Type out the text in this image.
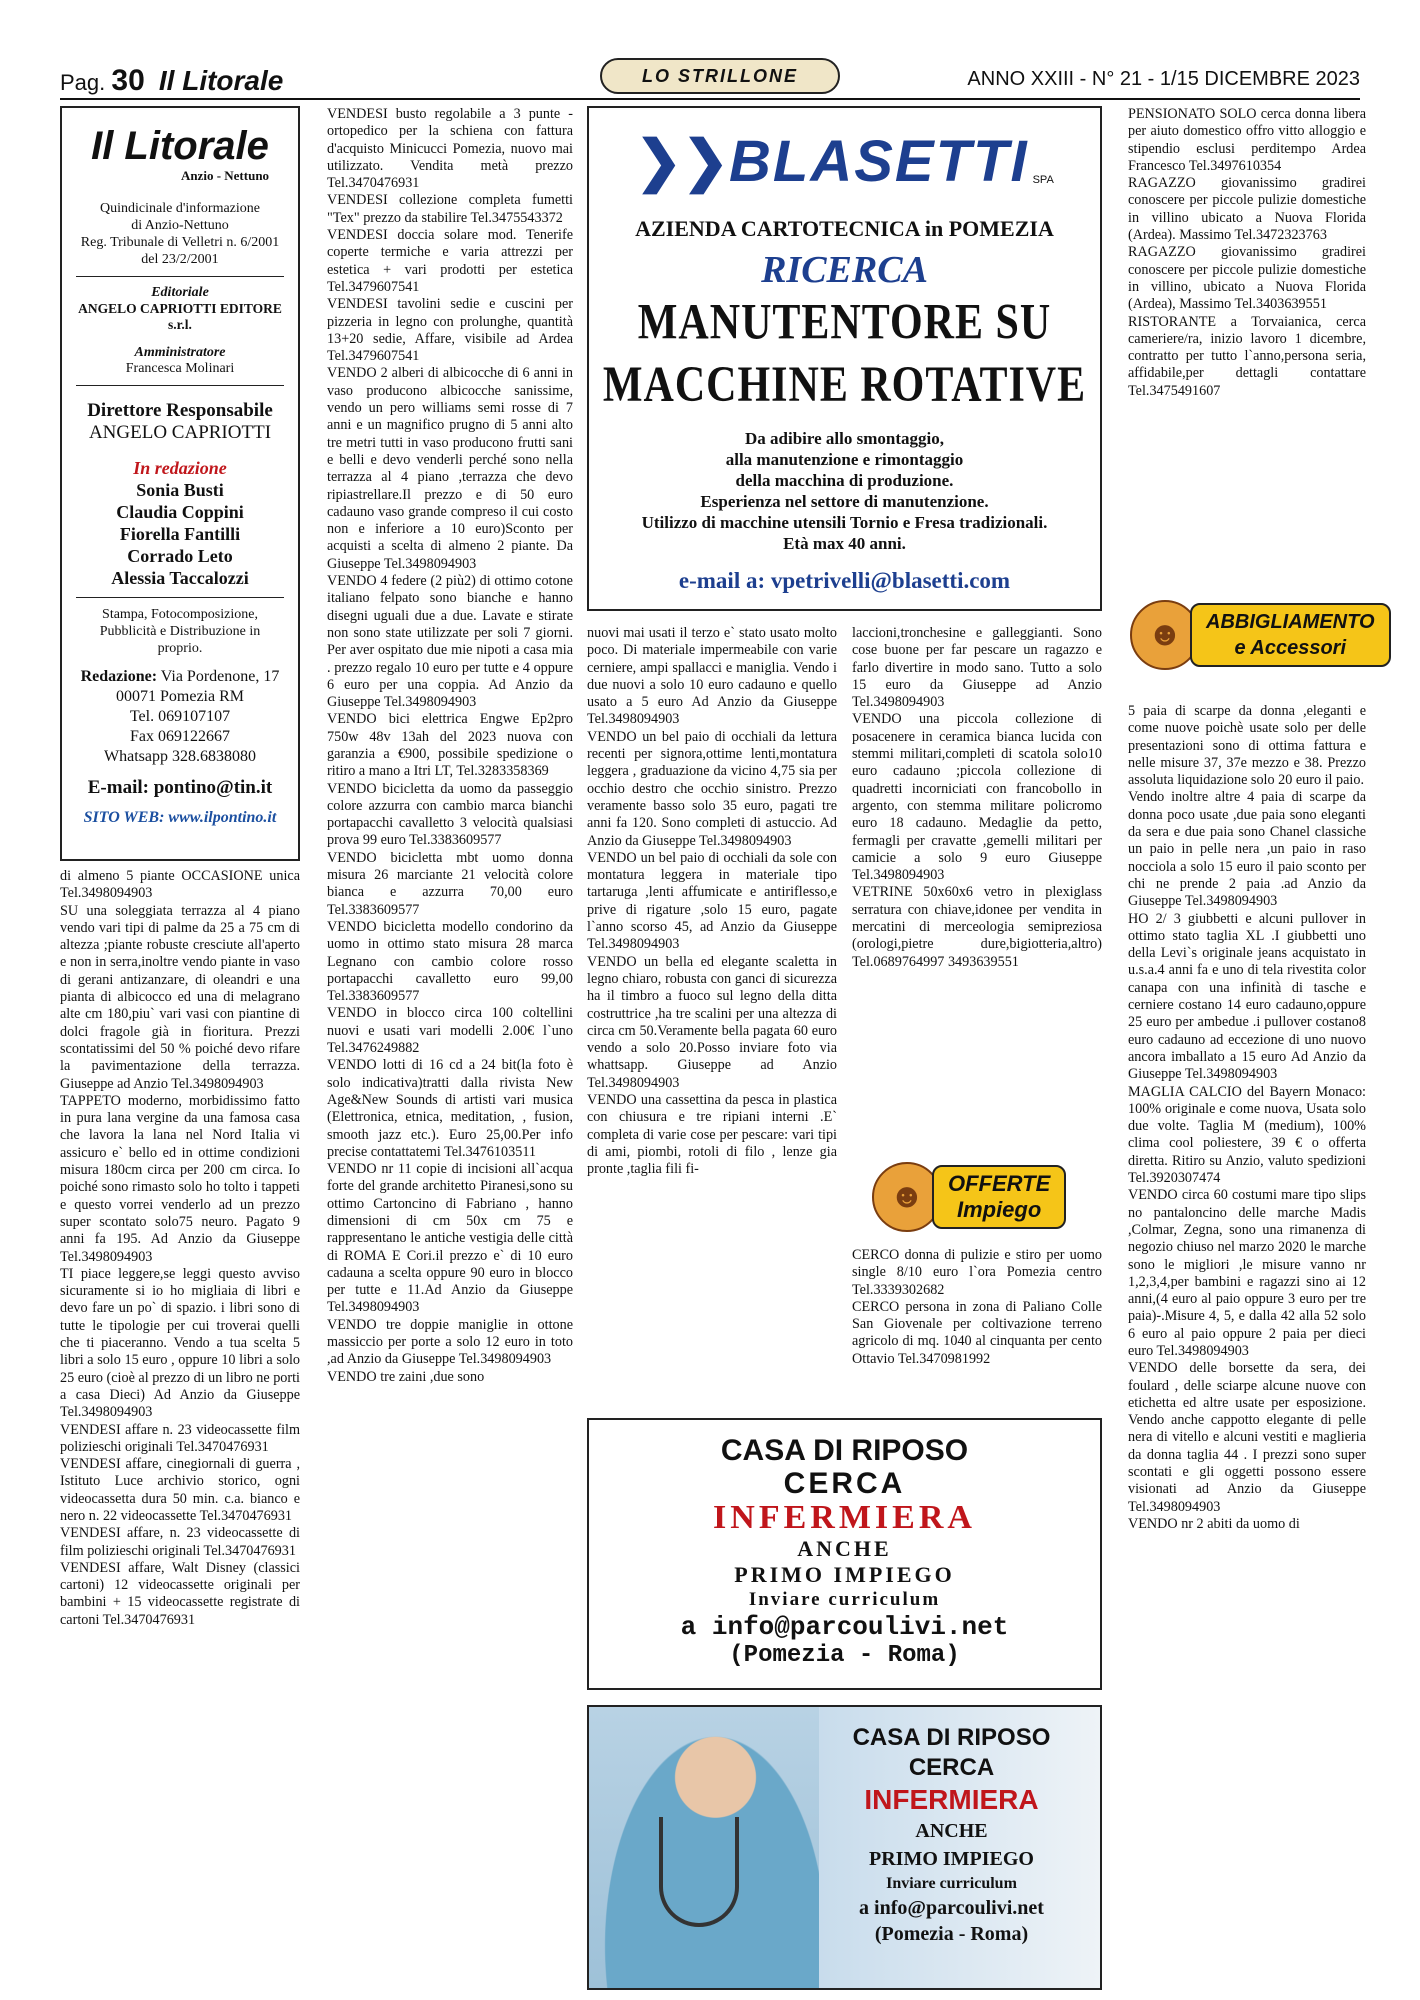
Pag. 30 Il Litorale	LO STRILLONE	ANNO XXIII - N° 21 - 1/15 DICEMBRE 2023
Il Litorale
Anzio - Nettuno
Quindicinale d'informazione
di Anzio-Nettuno
Reg. Tribunale di Velletri n. 6/2001
del 23/2/2001
Editoriale
ANGELO CAPRIOTTI EDITORE s.r.l.
Amministratore
Francesca Molinari
Direttore Responsabile
ANGELO CAPRIOTTI
In redazione
Sonia Busti
Claudia Coppini
Fiorella Fantilli
Corrado Leto
Alessia Taccalozzi
Stampa, Fotocomposizione, Pubblicità e Distribuzione in proprio.
Redazione: Via Pordenone, 17
00071 Pomezia RM
Tel. 069107107
Fax 069122667
Whatsapp 328.6838080
E-mail: pontino@tin.it
SITO WEB: www.ilpontino.it

di almeno 5 piante OCCASIONE unica Tel.3498094903

SU una soleggiata terrazza al 4 piano vendo vari tipi di palme da 25 a 75 cm di altezza ;piante robuste cresciute all'aperto e non in serra,inoltre vendo piante in vaso di gerani antizanzare, di oleandri e una pianta di albicocco ed una di melagrano alte cm 180,piu` vari vasi con piantine di dolci fragole già in fioritura. Prezzi scontatissimi del 50 % poiché devo rifare la pavimentazione della terrazza. Giuseppe ad Anzio Tel.3498094903

TAPPETO moderno, morbidissimo fatto in pura lana vergine da una famosa casa che lavora la lana nel Nord Italia vi assicuro e` bello ed in ottime condizioni misura 180cm circa per 200 cm circa. Io poiché sono rimasto solo ho tolto i tappeti e questo vorrei venderlo ad un prezzo super scontato solo75 neuro. Pagato 9 anni fa 195. Ad Anzio da Giuseppe Tel.3498094903

TI piace leggere,se leggi questo avviso sicuramente si io ho migliaia di libri e devo fare un po` di spazio. i libri sono di tutte le tipologie per cui troverai quelli che ti piaceranno. Vendo a tua scelta 5 libri a solo 15 euro , oppure 10 libri a solo 25 euro (cioè al prezzo di un libro ne porti a casa Dieci) Ad Anzio da Giuseppe Tel.3498094903

VENDESI affare n. 23 videocassette film polizieschi originali Tel.3470476931

VENDESI affare, cinegiornali di guerra , Istituto Luce archivio storico, ogni videocassetta dura 50 min. c.a. bianco e nero n. 22 videocassette Tel.3470476931

VENDESI affare, n. 23 videocassette di film polizieschi originali Tel.3470476931

VENDESI affare, Walt Disney (classici cartoni) 12 videocassette originali per bambini + 15 videocassette registrate di cartoni Tel.3470476931

VENDESI busto regolabile a 3 punte - ortopedico per la schiena con fattura d'acquisto Minicucci Pomezia, nuovo mai utilizzato. Vendita metà prezzo Tel.3470476931

VENDESI collezione completa fumetti "Tex" prezzo da stabilire Tel.3475543372

VENDESI doccia solare mod. Tenerife coperte termiche e varia attrezzi per estetica + vari prodotti per estetica Tel.3479607541

VENDESI tavolini sedie e cuscini per pizzeria in legno con prolunghe, quantità 13+20 sedie, Affare, visibile ad Ardea Tel.3479607541

VENDO 2 alberi di albicocche di 6 anni in vaso producono albicocche sanissime, vendo un pero williams semi rosse di 7 anni e un magnifico prugno di 5 anni alto tre metri tutti in vaso producono frutti sani e belli e devo venderli perché sono nella terrazza al 4 piano ,terrazza che devo ripiastrellare.Il prezzo e di 50 euro cadauno vaso grande compreso il cui costo non e inferiore a 10 euro)Sconto per acquisti a scelta di almeno 2 piante. Da Giuseppe Tel.3498094903

VENDO 4 federe (2 più2) di ottimo cotone italiano felpato sono bianche e hanno disegni uguali due a due. Lavate e stirate non sono state utilizzate per soli 7 giorni. Per aver ospitato due mie nipoti a casa mia . prezzo regalo 10 euro per tutte e 4 oppure 6 euro per una coppia. Ad Anzio da Giuseppe Tel.3498094903

VENDO bici elettrica Engwe Ep2pro 750w 48v 13ah del 2023 nuova con garanzia a €900, possibile spedizione o ritiro a mano a Itri LT, Tel.3283358369

VENDO bicicletta da uomo da passeggio colore azzurra con cambio marca bianchi portapacchi cavalletto 3 velocità qualsiasi prova 99 euro Tel.3383609577

VENDO bicicletta mbt uomo donna misura 26 marciante 21 velocità colore bianca e azzurra 70,00 euro Tel.3383609577

VENDO bicicletta modello condorino da uomo in ottimo stato misura 28 marca Legnano con cambio colore rosso portapacchi cavalletto euro 99,00 Tel.3383609577

VENDO in blocco circa 100 coltellini nuovi e usati vari modelli 2.00€ l`uno Tel.3476249882

VENDO lotti di 16 cd a 24 bit(la foto è solo indicativa)tratti dalla rivista New Age&New Sounds di artisti vari musica (Elettronica, etnica, meditation, , fusion, smooth jazz etc.). Euro 25,00.Per info precise contattatemi Tel.3476103511

VENDO nr 11 copie di incisioni all`acqua forte del grande architetto Piranesi,sono su ottimo Cartoncino di Fabriano , hanno dimensioni di cm 50x cm 75 e rappresentano le antiche vestigia delle città di ROMA E Cori.il prezzo e` di 10 euro cadauna a scelta oppure 90 euro in blocco per tutte e 11.Ad Anzio da Giuseppe Tel.3498094903

VENDO tre doppie maniglie in ottone massiccio per porte a solo 12 euro in toto ,ad Anzio da Giuseppe Tel.3498094903

VENDO tre zaini ,due sono

❯❯ BLASETTI SPA
AZIENDA CARTOTECNICA in POMEZIA
RICERCA
MANUTENTORE SU
MACCHINE ROTATIVE
Da adibire allo smontaggio,
alla manutenzione e rimontaggio
della macchina di produzione.
Esperienza nel settore di manutenzione.
Utilizzo di macchine utensili Tornio e Fresa tradizionali.
Età max 40 anni.
e-mail a: vpetrivelli@blasetti.com

nuovi mai usati il terzo e` stato usato molto poco. Di materiale impermeabile con varie cerniere, ampi spallacci e maniglia. Vendo i due nuovi a solo 10 euro cadauno e quello usato a 5 euro Ad Anzio da Giuseppe Tel.3498094903

VENDO un bel paio di occhiali da lettura recenti per signora,ottime lenti,montatura leggera , graduazione da vicino 4,75 sia per occhio destro che occhio sinistro. Prezzo veramente basso solo 35 euro, pagati tre anni fa 120. Sono completi di astuccio. Ad Anzio da Giuseppe Tel.3498094903

VENDO un bel paio di occhiali da sole con montatura leggera in materiale tipo tartaruga ,lenti affumicate e antiriflesso,e prive di rigature ,solo 15 euro, pagate l`anno scorso 45, ad Anzio da Giuseppe Tel.3498094903

VENDO un bella ed elegante scaletta in legno chiaro, robusta con ganci di sicurezza ha il timbro a fuoco sul legno della ditta costruttrice ,ha tre scalini per una altezza di circa cm 50.Veramente bella pagata 60 euro vendo a solo 20.Posso inviare foto via whattsapp. Giuseppe ad Anzio Tel.3498094903

VENDO una cassettina da pesca in plastica con chiusura e tre ripiani interni .E` completa di varie cose per pescare: vari tipi di ami, piombi, rotoli di filo , lenze gia pronte ,taglia fili fi-

laccioni,tronchesine e galleggianti. Sono cose buone per far pescare un ragazzo e farlo divertire in modo sano. Tutto a solo 15 euro da Giuseppe ad Anzio Tel.3498094903

VENDO una piccola collezione di posacenere in ceramica bianca lucida con stemmi militari,completi di scatola solo10 euro cadauno ;piccola collezione di quadretti incorniciati con francobollo in argento, con stemma militare policromo euro 18 cadauno. Medaglie da petto, fermagli per cravatte ,gemelli militari per camicie a solo 9 euro Giuseppe Tel.3498094903

VETRINE 50x60x6 vetro in plexiglass serratura con chiave,idonee per vendita in mercatini di merceologia semipreziosa (orologi,pietre dure,bigiotteria,altro) Tel.0689764997 3493639551

☻	OFFERTE
Impiego

CERCO donna di pulizie e stiro per uomo single 8/10 euro l`ora Pomezia centro Tel.3339302682

CERCO persona in zona di Paliano Colle San Giovenale per coltivazione terreno agricolo di mq. 1040 al cinquanta per cento Ottavio Tel.3470981992

PENSIONATO SOLO cerca donna libera per aiuto domestico offro vitto alloggio e stipendio esclusi perditempo Ardea Francesco Tel.3497610354

RAGAZZO giovanissimo gradirei conoscere per piccole pulizie domestiche in villino ubicato a Nuova Florida (Ardea). Massimo Tel.3472323763

RAGAZZO giovanissimo gradirei conoscere per piccole pulizie domestiche in villino, ubicato a Nuova Florida (Ardea), Massimo Tel.3403639551

RISTORANTE a Torvaianica, cerca cameriere/ra, inizio lavoro 1 dicembre, contratto per tutto l`anno,persona seria, affidabile,per dettagli contattare Tel.3475491607

☻	ABBIGLIAMENTO
e Accessori

5 paia di scarpe da donna ,eleganti e come nuove poichè usate solo per delle presentazioni sono di ottima fattura e nelle misure 37, 37e mezzo e 38. Prezzo assoluta liquidazione solo 20 euro il paio.

Vendo inoltre altre 4 paia di scarpe da donna poco usate ,due paia sono eleganti da sera e due paia sono Chanel classiche un paio in pelle nera ,un paio in raso nocciola a solo 15 euro il paio sconto per chi ne prende 2 paia .ad Anzio da Giuseppe Tel.3498094903

HO 2/ 3 giubbetti e alcuni pullover in ottimo stato taglia XL .I giubbetti uno della Levi`s originale jeans acquistato in u.s.a.4 anni fa e uno di tela rivestita color canapa con una infinità di tasche e cerniere costano 14 euro cadauno,oppure 25 euro per ambedue .i pullover costano8 euro cadauno ad eccezione di uno nuovo ancora imballato a 15 euro Ad Anzio da Giuseppe Tel.3498094903

MAGLIA CALCIO del Bayern Monaco: 100% originale e come nuova, Usata solo due volte. Taglia M (medium), 100% clima cool poliestere, 39 € o offerta diretta. Ritiro su Anzio, valuto spedizioni Tel.3920307474

VENDO circa 60 costumi mare tipo slips no pantaloncino delle marche Madis ,Colmar, Zegna, sono una rimanenza di negozio chiuso nel marzo 2020 le marche sono le migliori ,le misure vanno nr 1,2,3,4,per bambini e ragazzi sino ai 12 anni,(4 euro al paio oppure 3 euro per tre paia)-.Misure 4, 5, e dalla 42 alla 52 solo 6 euro al paio oppure 2 paia per dieci euro Tel.3498094903

VENDO delle borsette da sera, dei foulard , delle sciarpe alcune nuove con etichetta ed altre usate per esposizione. Vendo anche cappotto elegante di pelle nera di vitello e alcuni vestiti e maglieria da donna taglia 44 . I prezzi sono super scontati e gli oggetti possono essere visionati ad Anzio da Giuseppe Tel.3498094903

VENDO nr 2 abiti da uomo di

CASA DI RIPOSO
CERCA
INFERMIERA
ANCHE
PRIMO IMPIEGO
Inviare curriculum
a info@parcoulivi.net
(Pomezia - Roma)
CASA DI RIPOSO
CERCA
INFERMIERA
ANCHE
PRIMO IMPIEGO
Inviare curriculum
a info@parcoulivi.net
(Pomezia - Roma)
